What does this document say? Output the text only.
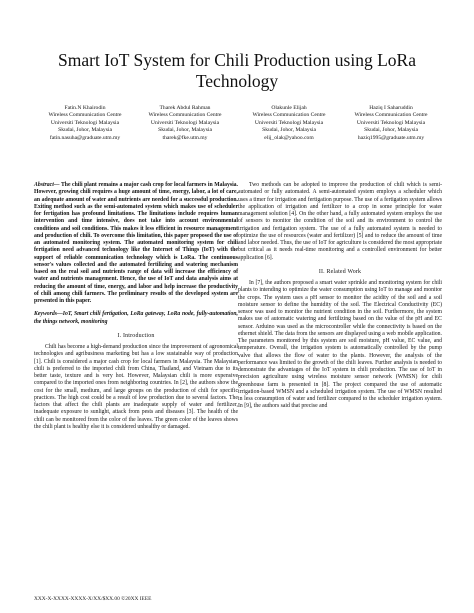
Smart IoT System for Chili Production using LoRa Technology
Fatin.N Khairodin
Wireless Communication Centre
Universiti Teknologi Malaysia
Skudai, Johor, Malaysia
fatin.nasuha@graduate.utm.my
Tharek Abdul Rahman
Wireless Communication Centre
Universiti Teknologi Malaysia
Skudai, Johor, Malaysia
tharek@fke.utm.my
Olakunle Elijah
Wireless Communication Centre
Universiti Teknologi Malaysia
Skudai, Johor, Malaysia
elij_olak@yahoo.com
Haziq I Saharuddin
Wireless Communication Centre
Universiti Teknologi Malaysia
Skudai, Johor, Malaysia
haziq1995@graduate.utm.my

Abstract— The chili plant remains a major cash crop for local farmers in Malaysia. However, growing chili requires a huge amount of time, energy, labor, a lot of care, an adequate amount of water and nutrients are needed for a successful production. Exiting method such as the semi-automated system which makes use of scheduler for fertigation has profound limitations. The limitations include requires human intervention and time intensive, does not take into account environmental conditions and soil conditions. This makes it less efficient in resource management and production of chili. To overcome this limitation, this paper proposed the use of an automated monitoring system. The automated monitoring system for chili fertigation need advanced technology like the Internet of Things (IoT) with the support of reliable communication technology which is LoRa. The continuous sensor's values collected and the automated fertilizing and watering mechanism based on the real soil and nutrients range of data will increase the efficiency of water and nutrients management. Hence, the use of IoT and data analysis aims at reducing the amount of time, energy, and labor and help increase the productivity of chili among chili farmers. The preliminary results of the developed system are presented in this paper.

Keywords—IoT, Smart chili fertigation, LoRa gateway, LoRa node, fully-automation, the things network, monitoring

I. Introduction

Chili has become a high-demand production since the improvement of agronomical technologies and agribusiness marketing but has a low sustainable way of production [1]. Chili is considered a major cash crop for local farmers in Malaysia. The Malaysian chili is preferred to the imported chili from China, Thailand, and Vietnam due to its better taste, texture and is very hot. However, Malaysian chili is more expensive compared to the imported ones from neighboring countries. In [2], the authors show the cost for the small, medium, and large groups on the production of chili for specific practices. The high cost could be a result of low production due to several factors. The factors that affect the chili plants are inadequate supply of water and fertilizer, inadequate exposure to sunlight, attack from pests and diseases [3]. The health of the chili can be monitored from the color of the leaves. The green color of the leaves shows the chili plant is healthy else it is considered unhealthy or damaged.

Two methods can be adopted to improve the production of chili which is semi-automated or fully automated. A semi-automated system employs a scheduler which uses a timer for irrigation and fertigation purpose. The use of a fertigation system allows the application of irrigation and fertilizer to a crop in some principle for water management solution [4]. On the other hand, a fully automated system employs the use of sensors to monitor the condition of the soil and its environment to control the irrigation and fertigation system. The use of a fully automated system is needed to optimize the use of resources (water and fertilizer) [5] and to reduce the amount of time and labor needed. Thus, the use of IoT for agriculture is considered the most appropriate but critical as it needs real-time monitoring and a controlled environment for better application [6].

II. Related Work

In [7], the authors proposed a smart water sprinkle and monitoring system for chili plants to intending to optimize the water consumption using IoT to manage and monitor the crops. The system uses a pH sensor to monitor the acidity of the soil and a soil moisture sensor to define the humidity of the soil. The Electrical Conductivity (EC) sensor was used to monitor the nutrient condition in the soil. Furthermore, the system makes use of automatic watering and fertilizing based on the value of the pH and EC sensor. Arduino was used as the microcontroller while the connectivity is based on the ethernet shield. The data from the sensors are displayed using a web mobile application. The parameters monitored by this system are soil moisture, pH value, EC value, and temperature. Overall, the irrigation system is automatically controlled by the pump valve that allows the flow of water to the plants. However, the analysis of the performance was limited to the growth of the chili leaves. Further analysis is needed to demonstrate the advantages of the IoT system in chili production. The use of IoT in precision agriculture using wireless moisture sensor network (WMSN) for chili greenhouse farm is presented in [8]. The project compared the use of automatic irrigation-based WMSN and a scheduled irrigation system. The use of WMSN resulted in less consumption of water and fertilizer compared to the scheduler irrigation system. In [9], the authors said that precise and

XXX-X-XXXX-XXXX-X/XX/$XX.00 ©20XX IEEE
